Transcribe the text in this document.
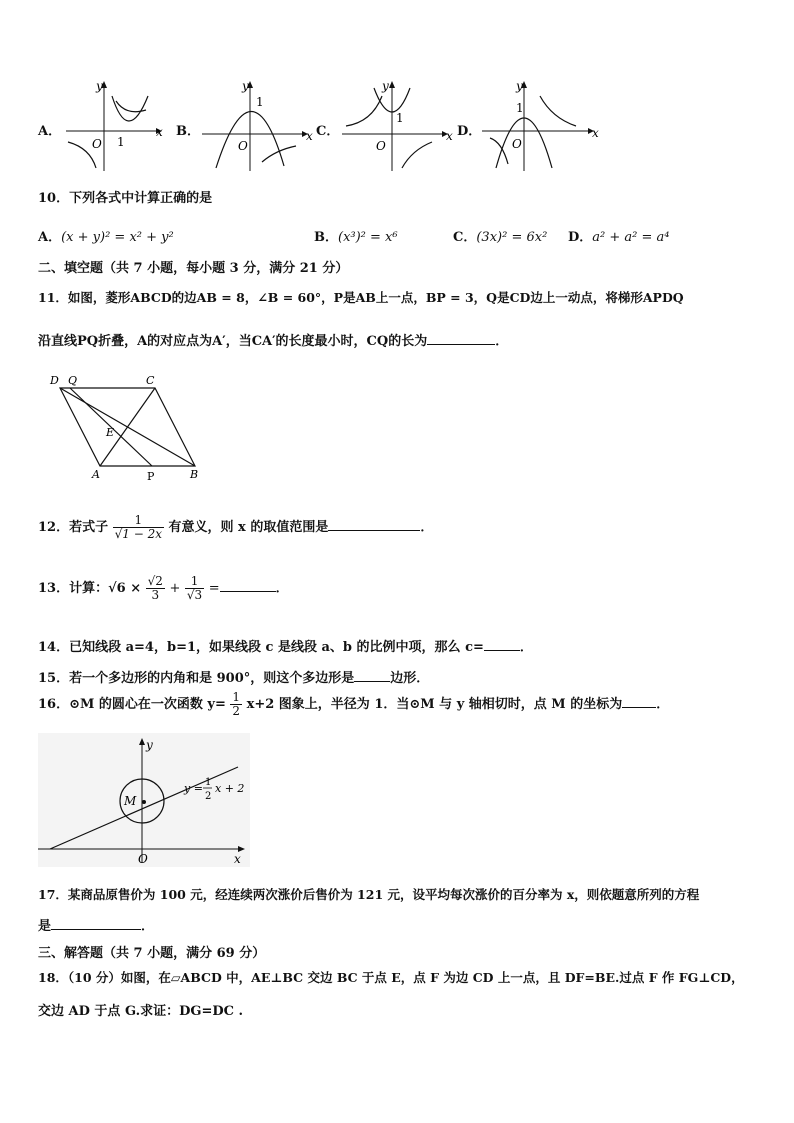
A．
y
x
O 1
B．
y
x
O
1
C．
y
x
O
1
D．
y
x
O
1
10．下列各式中计算正确的是
A．(x + y)² = x² + y²	B．(x³)² = x⁶	C．(3x)² = 6x² D．a² + a² = a⁴
二、填空题（共 7 小题，每小题 3 分，满分 21 分）
11．如图，菱形ABCD的边AB = 8，∠B = 60°，P是AB上一点，BP = 3，Q是CD边上一动点，将梯形APDQ
沿直线PQ折叠，A的对应点为A′，当CA′的长度最小时，CQ的长为	．
D Q	C
E
A	P	B
12．若式子 $\frac{1}{√1 - 2x}$ 有意义，则 x 的取值范围是	．
13．计算：$√6 \times \frac{√2}{3} + \frac{1}{√3}$ =	．
14．已知线段 a=4，b=1，如果线段 c 是线段 a、b 的比例中项，那么 c=	．
15．若一个多边形的内角和是 900°，则这个多边形是	边形．
16．⊙M 的圆心在一次函数 $y= \frac{1}{2} x+2$ 图象上，半径为 1．当⊙M 与 y 轴相切时，点 M 的坐标为	．
y
x
O
M
y = 1
2
x + 2
17．某商品原售价为 100 元，经连续两次涨价后售价为 121 元，设平均每次涨价的百分率为 x，则依题意所列的方程
是	．
三、解答题（共 7 小题，满分 69 分）
18．（10 分）如图，在▱ABCD 中，AE⊥BC 交边 BC 于点 E，点 F 为边 CD 上一点，且 DF=BE.过点 F 作 FG⊥CD，
交边 AD 于点 G.求证：DG=DC .
